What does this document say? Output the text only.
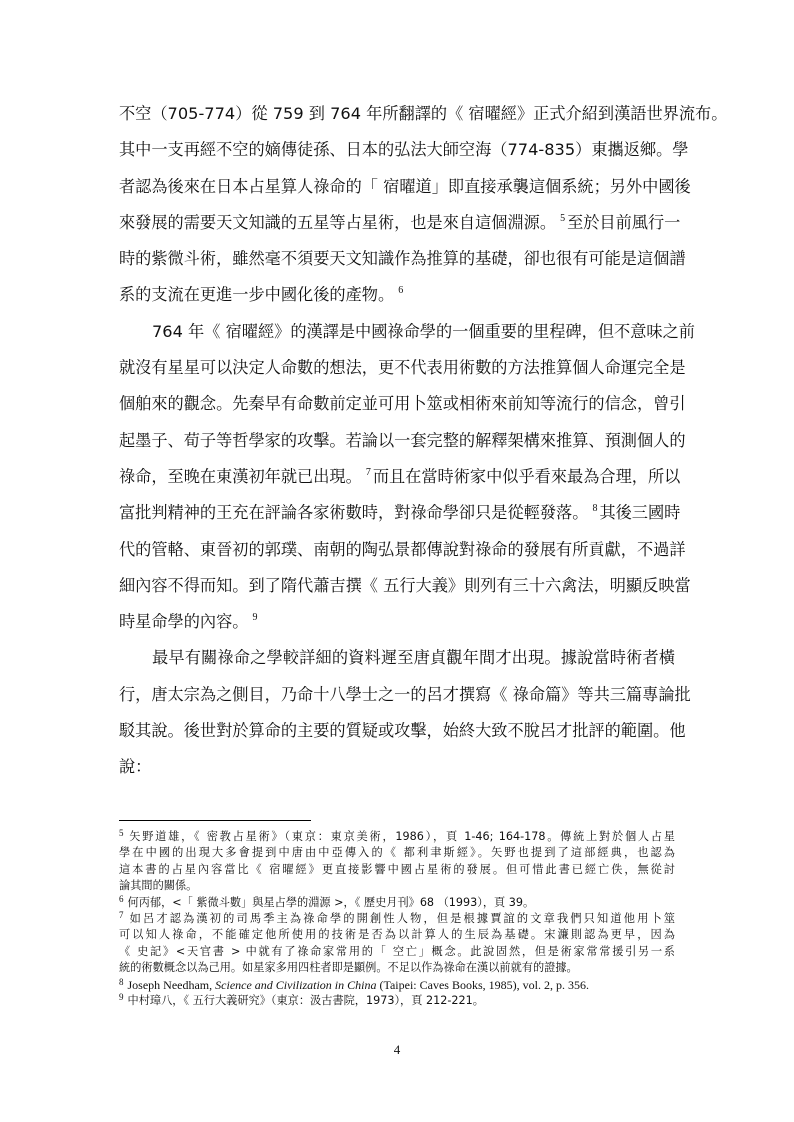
不空（705-774）從 759 到 764 年所翻譯的《 宿曜經》正式介紹到漢語世界流布。
其中一支再經不空的嫡傳徒孫、日本的弘法大師空海（774-835）東攜返鄉。學
者認為後來在日本占星算人祿命的「 宿曜道」即直接承襲這個系統；另外中國後
來發展的需要天文知識的五星等占星術，也是來自這個淵源。 $^5$ 至於目前風行一
時的紫微斗術，雖然毫不須要天文知識作為推算的基礎，卻也很有可能是這個譜
系的支流在更進一步中國化後的產物。 $^6$
764 年《 宿曜經》的漢譯是中國祿命學的一個重要的里程碑，但不意味之前
就沒有星星可以決定人命數的想法，更不代表用術數的方法推算個人命運完全是
個舶來的觀念。先秦早有命數前定並可用卜筮或相術來前知等流行的信念，曾引
起墨子、荀子等哲學家的攻擊。若論以一套完整的解釋架構來推算、預測個人的
祿命，至晚在東漢初年就已出現。 $^7$ 而且在當時術家中似乎看來最為合理，所以
富批判精神的王充在評論各家術數時，對祿命學卻只是從輕發落。 $^8$ 其後三國時
代的管輅、東晉初的郭璞、南朝的陶弘景都傳說對祿命的發展有所貢獻，不過詳
細內容不得而知。到了隋代蕭吉撰《 五行大義》則列有三十六禽法，明顯反映當
時星命學的內容。 $^9$
最早有關祿命之學較詳細的資料遲至唐貞觀年間才出現。據說當時術者橫
行，唐太宗為之側目，乃命十八學士之一的呂才撰寫《 祿命篇》等共三篇專論批
駁其說。後世對於算命的主要的質疑或攻擊，始終大致不脫呂才批評的範圍。他
說：
$^5$ 矢野道雄，《 密教占星術》（東京：東京美術，1986），頁 1-46; 164-178。傳統上對於個人占星
學在中國的出現大多會提到中唐由中亞傳入的《 都利聿斯經》。矢野也提到了這部經典，也認為
這本書的占星內容當比《 宿曜經》更直接影響中國占星術的發展。但可惜此書已經亡佚，無從討
論其間的關係。
$^6$ 何丙郁，<「 紫微斗數」與星占學的淵源 >，《 歷史月刊》68 （1993），頁 39。
$^7$ 如呂才認為漢初的司馬季主為祿命學的開創性人物，但是根據賈誼的文章我們只知道他用卜筮
可以知人祿命，不能確定他所使用的技術是否為以計算人的生辰為基礎。宋濂則認為更早，因為
《 史記》<天官書 > 中就有了祿命家常用的「 空亡」概念。此說固然，但是術家常常援引另一系
統的術數概念以為己用。如星家多用四柱者即是顯例。不足以作為祿命在漢以前就有的證據。
$^8$ Joseph Needham, Science and Civilization in China (Taipei: Caves Books, 1985), vol. 2, p. 356.
$^9$ 中村璋八，《 五行大義研究》（東京：汲古書院，1973），頁 212-221。
4
